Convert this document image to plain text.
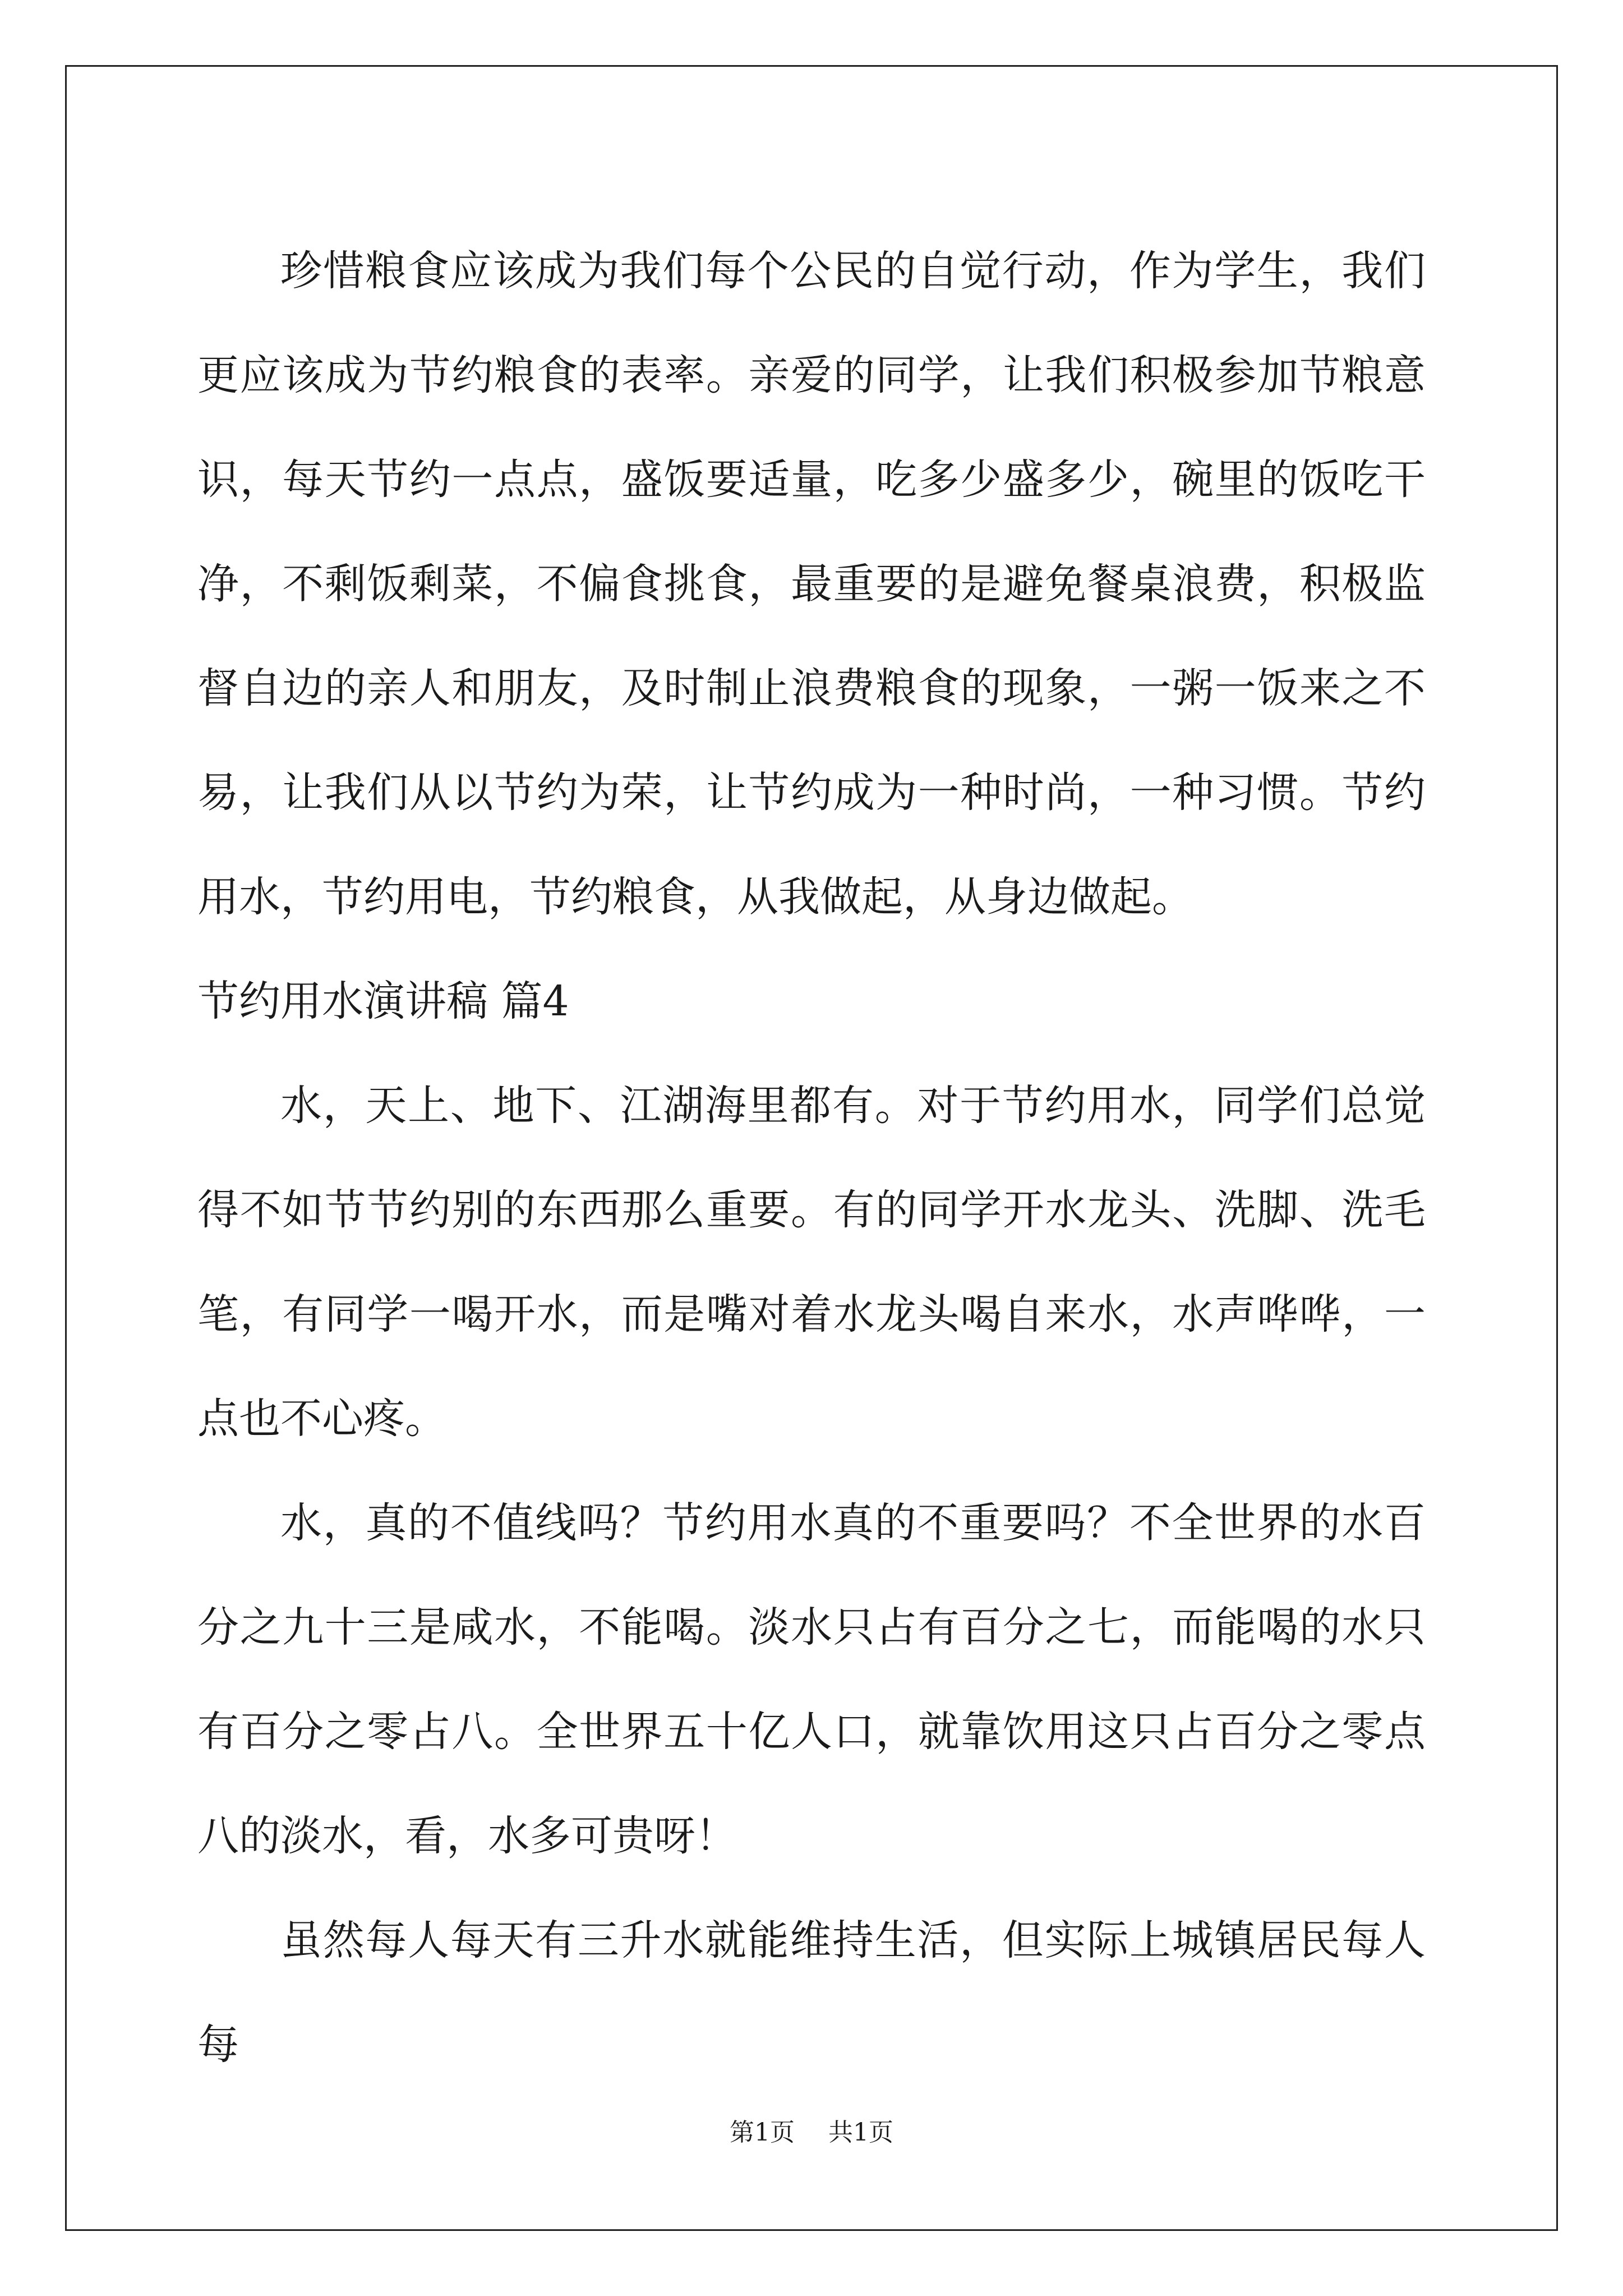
珍惜粮食应该成为我们每个公民的自觉行动，作为学生，我们更应该成为节约粮食的表率。亲爱的同学，让我们积极参加节粮意识，每天节约一点点，盛饭要适量，吃多少盛多少，碗里的饭吃干净，不剩饭剩菜，不偏食挑食，最重要的是避免餐桌浪费，积极监督自边的亲人和朋友，及时制止浪费粮食的现象，一粥一饭来之不易，让我们从以节约为荣，让节约成为一种时尚，一种习惯。节约用水，节约用电，节约粮食，从我做起，从身边做起。

节约用水演讲稿 篇4

水，天上、地下、江湖海里都有。对于节约用水，同学们总觉得不如节节约别的东西那么重要。有的同学开水龙头、洗脚、洗毛笔，有同学一喝开水，而是嘴对着水龙头喝自来水，水声哗哗，一点也不心疼。

水，真的不值线吗？节约用水真的不重要吗？不全世界的水百分之九十三是咸水，不能喝。淡水只占有百分之七，而能喝的水只有百分之零占八。全世界五十亿人口，就靠饮用这只占百分之零点八的淡水，看，水多可贵呀！

虽然每人每天有三升水就能维持生活，但实际上城镇居民每人每

第1页 共1页
